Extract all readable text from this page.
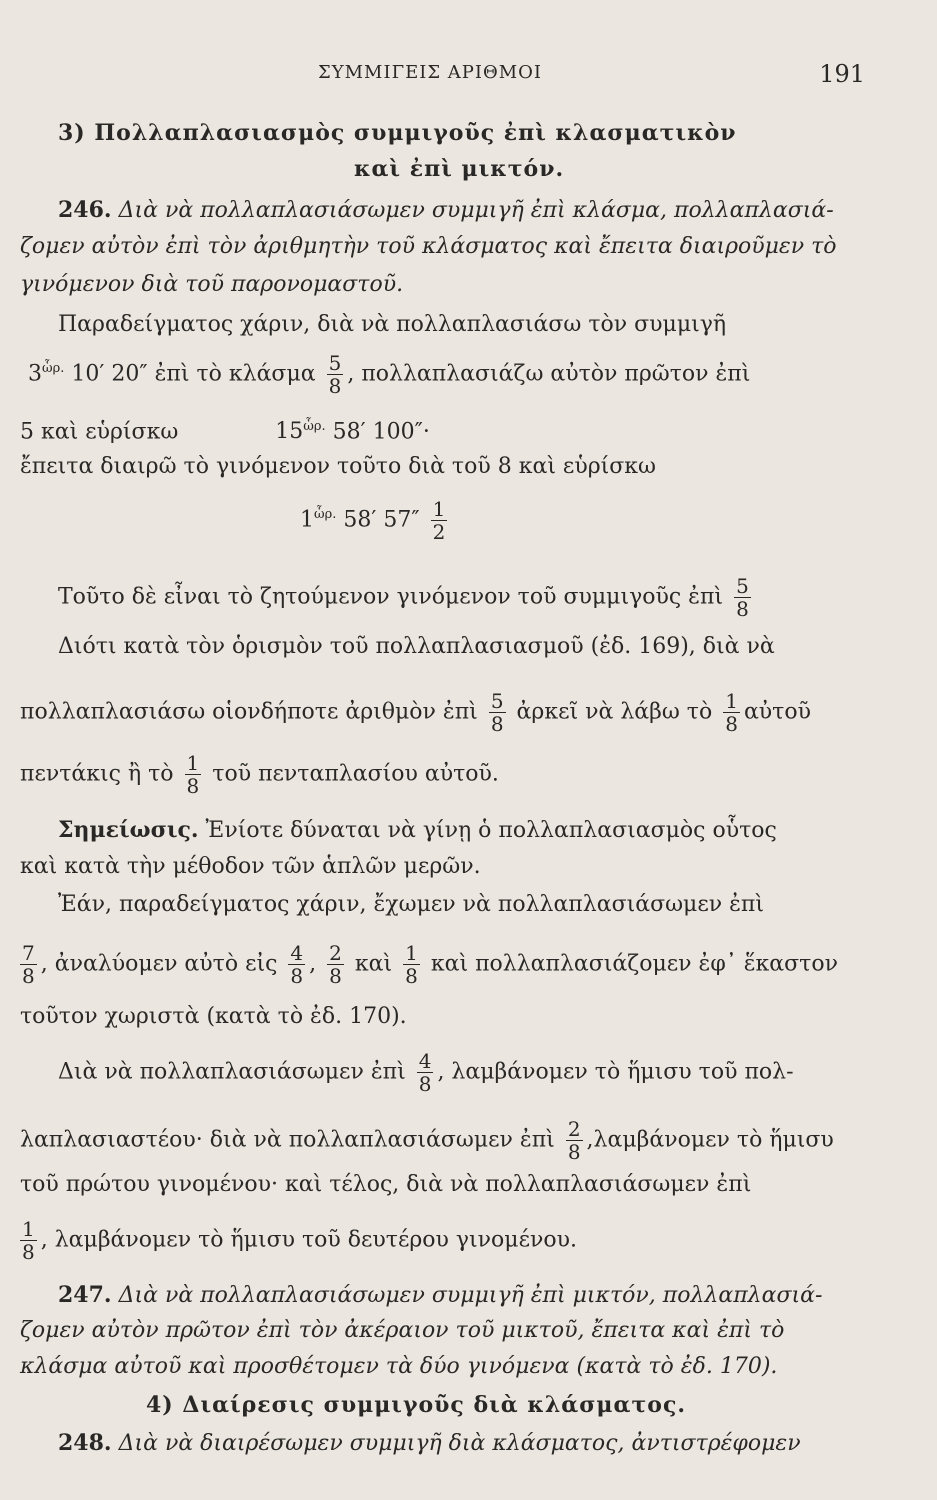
ΣΥΜΜΙΓΕΙΣ ΑΡΙΘΜΟΙ	191
3) Πολλαπλασιασμὸς συμμιγοῦς ἐπὶ κλασματικὸν
καὶ ἐπὶ μικτόν.
246. Διὰ νὰ πολλαπλασιάσωμεν συμμιγῆ ἐπὶ κλάσμα, πολλαπλασιά-
ζομεν αὐτὸν ἐπὶ τὸν ἀριθμητὴν τοῦ κλάσματος καὶ ἔπειτα διαιροῦμεν τὸ
γινόμενον διὰ τοῦ παρονομαστοῦ.
Παραδείγματος χάριν, διὰ νὰ πολλαπλασιάσω τὸν συμμιγῆ
$3^{ὧ\rho.}$ 10′ 20″ ἐπὶ τὸ κλάσμα $\frac{5}{8}$ , πολλαπλασιάζω αὐτὸν πρῶτον ἐπὶ
5 καὶ εὑρίσκω	$15^{ὧ\rho.}$ 58′ 100″·
ἔπειτα διαιρῶ τὸ γινόμενον τοῦτο διὰ τοῦ 8 καὶ εὑρίσκω
$1^{ὧ\rho.}$ 58′ $57'' \frac{1}{2}$
Τοῦτο δὲ εἶναι τὸ ζητούμενον γινόμενον τοῦ συμμιγοῦς ἐπὶ $\frac{5}{8}$
Διότι κατὰ τὸν ὁρισμὸν τοῦ πολλαπλασιασμοῦ (ἐδ. 169), διὰ νὰ
πολλαπλασιάσω οἱονδήποτε ἀριθμὸν ἐπὶ $\frac{5}{8}$ ἀρκεῖ νὰ λάβω τὸ $\frac{1}{8}$ αὐτοῦ
πεντάκις ἢ τὸ $\frac{1}{8}$ τοῦ πενταπλασίου αὐτοῦ.
Σημείωσις. Ἐνίοτε δύναται νὰ γίνῃ ὁ πολλαπλασιασμὸς οὗτος
καὶ κατὰ τὴν μέθοδον τῶν ἁπλῶν μερῶν.
Ἐάν, παραδείγματος χάριν, ἔχωμεν νὰ πολλαπλασιάσωμεν ἐπὶ
$\frac{7}{8}$ , ἀναλύομεν αὐτὸ εἰς $\frac{4}{8}$ , $\frac{2}{8}$ καὶ $\frac{1}{8}$ καὶ πολλαπλασιάζομεν ἐφ᾿ ἕκαστον
τοῦτον χωριστὰ (κατὰ τὸ ἐδ. 170).
Διὰ νὰ πολλαπλασιάσωμεν ἐπὶ $\frac{4}{8}$ , λαμβάνομεν τὸ ἥμισυ τοῦ πολ-
λαπλασιαστέου· διὰ νὰ πολλαπλασιάσωμεν ἐπὶ $\frac{2}{8} ,\lambda\alpha\mu\beta ά\nu o\mu\varepsilon\nu$ τὸ ἥμισυ
τοῦ πρώτου γινομένου· καὶ τέλος, διὰ νὰ πολλαπλασιάσωμεν ἐπὶ
$\frac{1}{8}$ , λαμβάνομεν τὸ ἥμισυ τοῦ δευτέρου γινομένου.
247. Διὰ νὰ πολλαπλασιάσωμεν συμμιγῆ ἐπὶ μικτόν, πολλαπλασιά-
ζομεν αὐτὸν πρῶτον ἐπὶ τὸν ἀκέραιον τοῦ μικτοῦ, ἔπειτα καὶ ἐπὶ τὸ
κλάσμα αὐτοῦ καὶ προσθέτομεν τὰ δύο γινόμενα (κατὰ τὸ ἐδ. 170).
4) Διαίρεσις συμμιγοῦς διὰ κλάσματος.
248. Διὰ νὰ διαιρέσωμεν συμμιγῆ διὰ κλάσματος, ἀντιστρέφομεν
